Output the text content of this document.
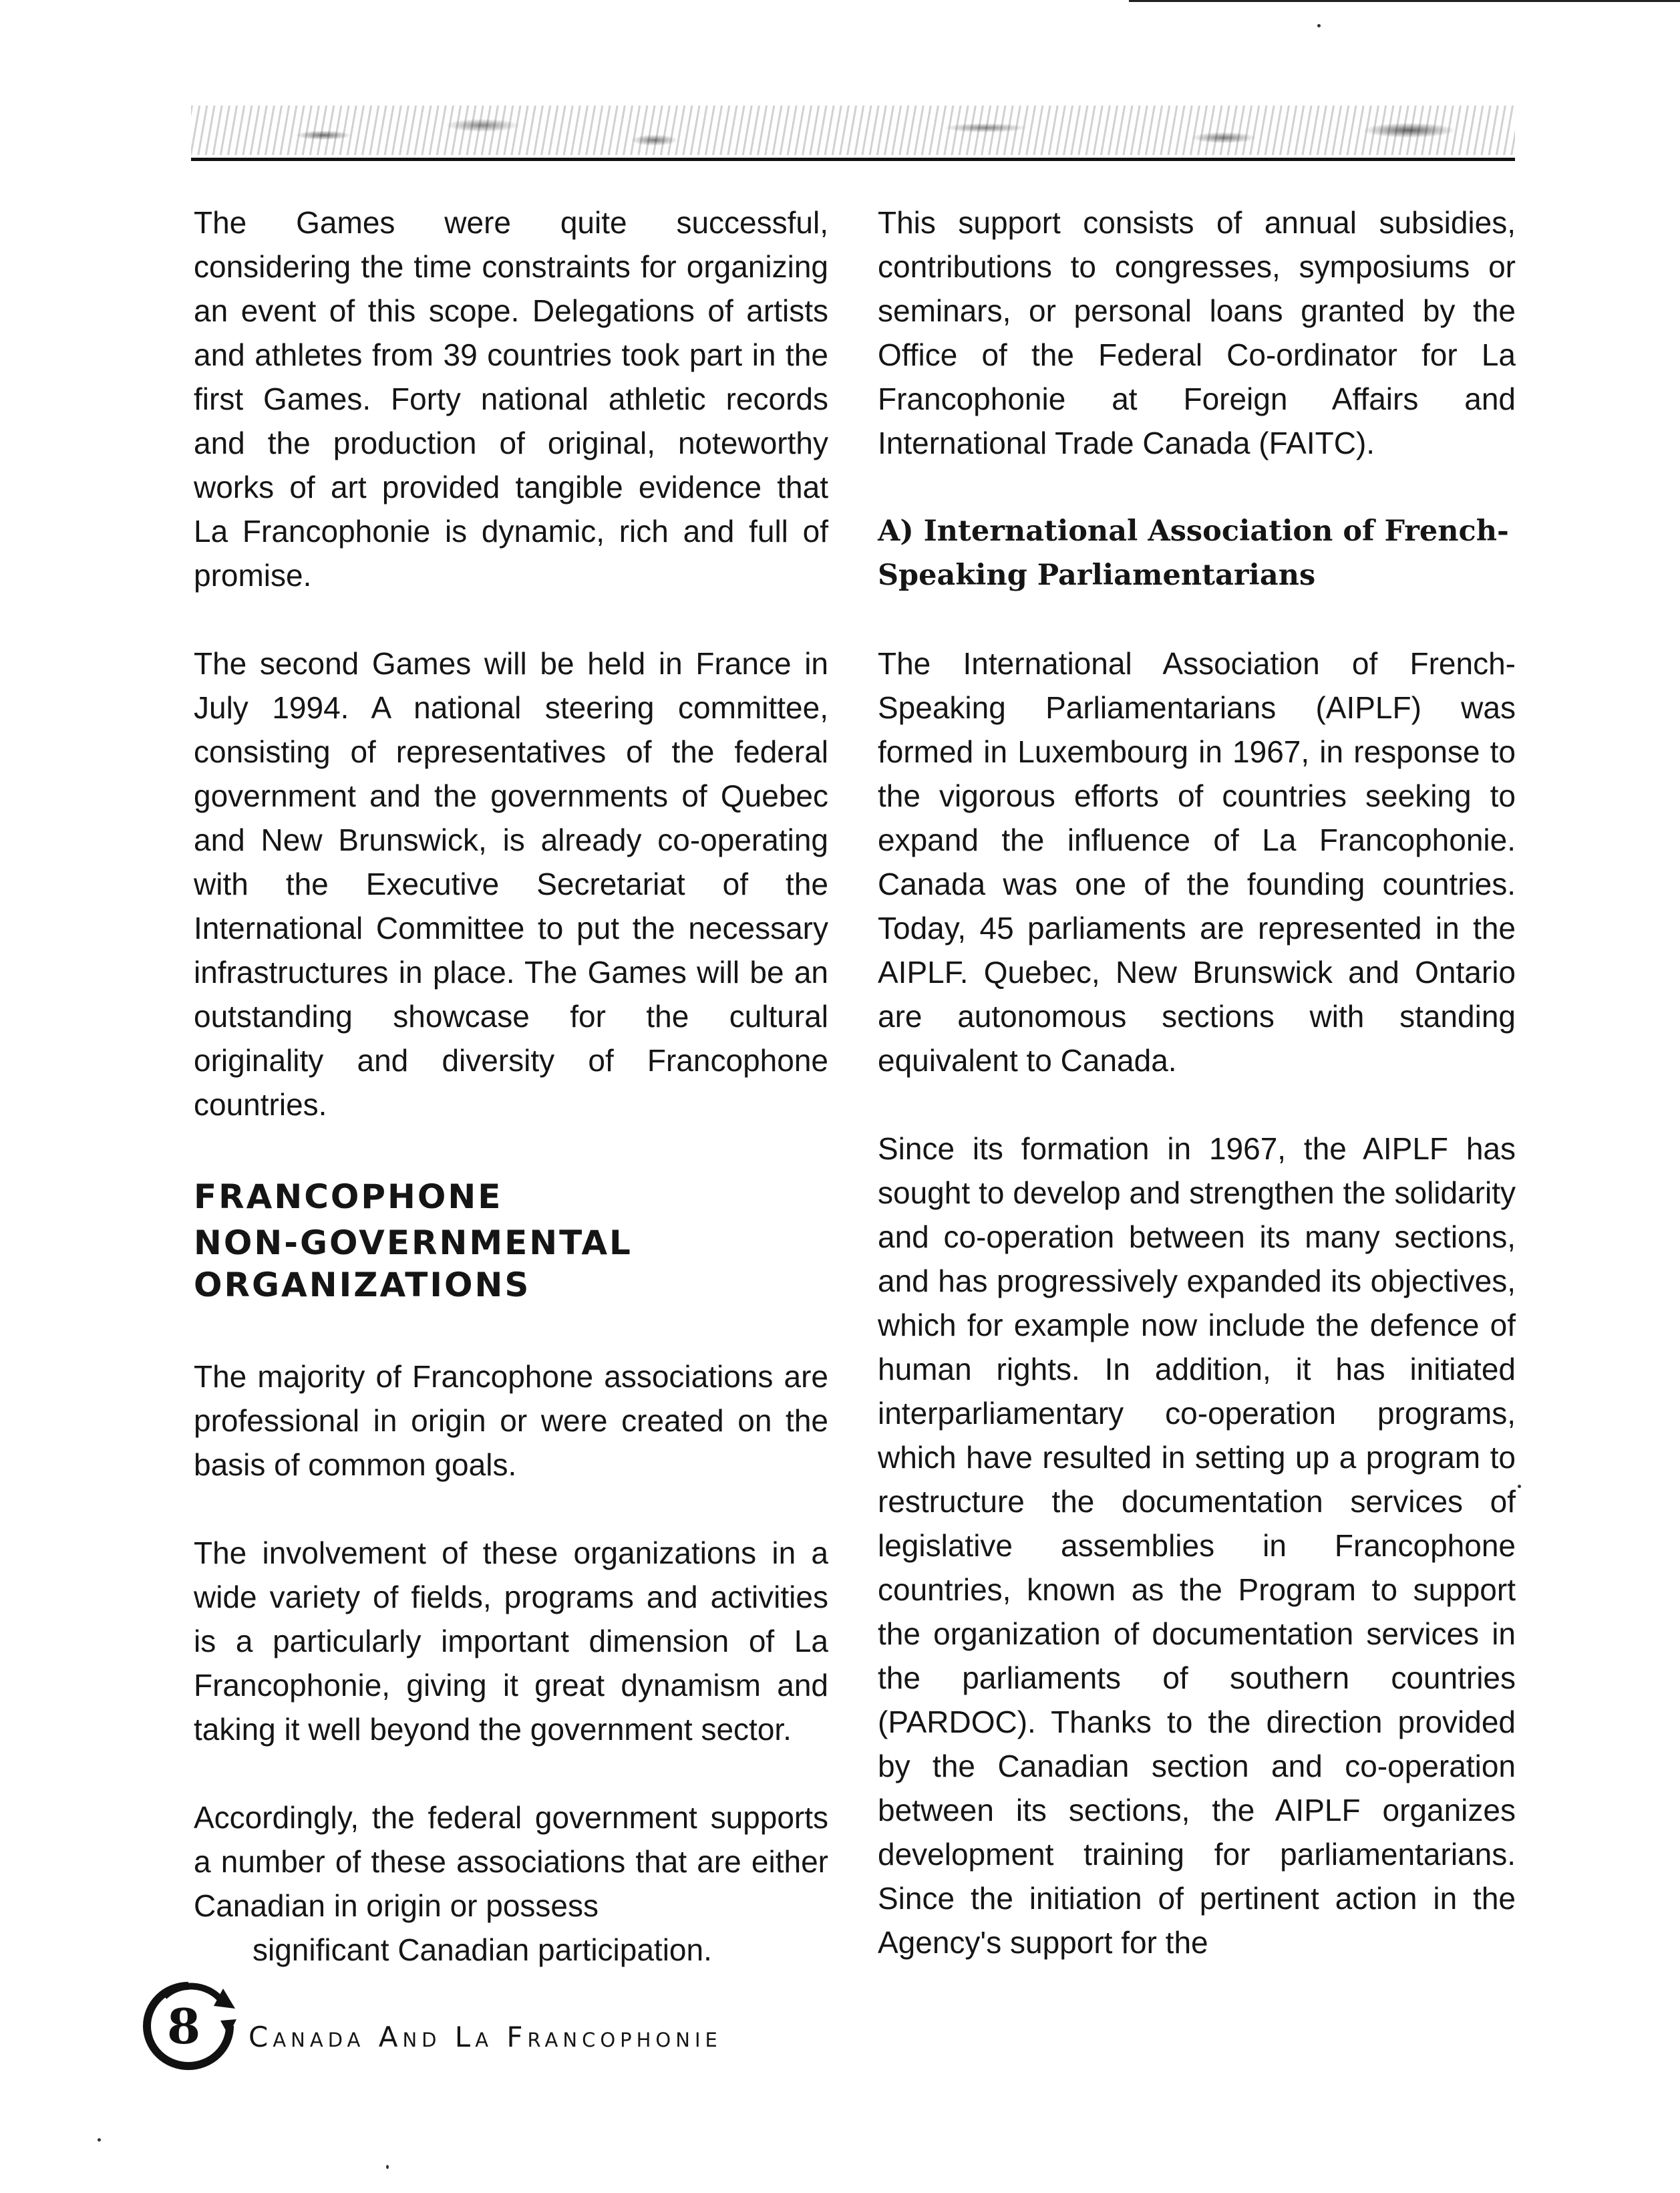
The Games were quite successful, considering the time constraints for organizing an event of this scope. Delegations of artists and athletes from 39 countries took part in the first Games. Forty national athletic records and the production of original, noteworthy works of art provided tangible evidence that La Francophonie is dynamic, rich and full of promise.

The second Games will be held in France in July 1994. A national steering committee, consisting of representatives of the federal government and the governments of Quebec and New Brunswick, is already co-operating with the Executive Secretariat of the International Committee to put the necessary infrastructures in place. The Games will be an outstanding showcase for the cultural originality and diversity of Francophone countries.

FRANCOPHONE

NON-GOVERNMENTAL

ORGANIZATIONS

The majority of Francophone associations are professional in origin or were created on the basis of common goals.

The involvement of these organizations in a wide variety of fields, programs and activities is a particularly important dimension of La Francophonie, giving it great dynamism and taking it well beyond the government sector.

Accordingly, the federal government supports a number of these associations that are either Canadian in origin or possess

significant Canadian participation.

This support consists of annual subsidies, contributions to congresses, symposiums or seminars, or personal loans granted by the Office of the Federal Co-ordinator for La Francophonie at Foreign Affairs and International Trade Canada (FAITC).

A) International Association of French-

Speaking Parliamentarians

The International Association of French-Speaking Parliamentarians (AIPLF) was formed in Luxembourg in 1967, in response to the vigorous efforts of countries seeking to expand the influence of La Francophonie. Canada was one of the founding countries. Today, 45 parliaments are represented in the AIPLF. Quebec, New Brunswick and Ontario are autonomous sections with standing equivalent to Canada.

Since its formation in 1967, the AIPLF has sought to develop and strengthen the solidarity and co-operation between its many sections, and has progressively expanded its objectives, which for example now include the defence of human rights. In addition, it has initiated interparliamentary co-operation programs, which have resulted in setting up a program to restructure the documentation services of legislative assemblies in Francophone countries, known as the Program to support the organization of documentation services in the parliaments of southern countries (PARDOC). Thanks to the direction provided by the Canadian section and co-operation between its sections, the AIPLF organizes development training for parliamentarians. Since the initiation of pertinent action in the Agency's support for the

8	Canada And La Francophonie
